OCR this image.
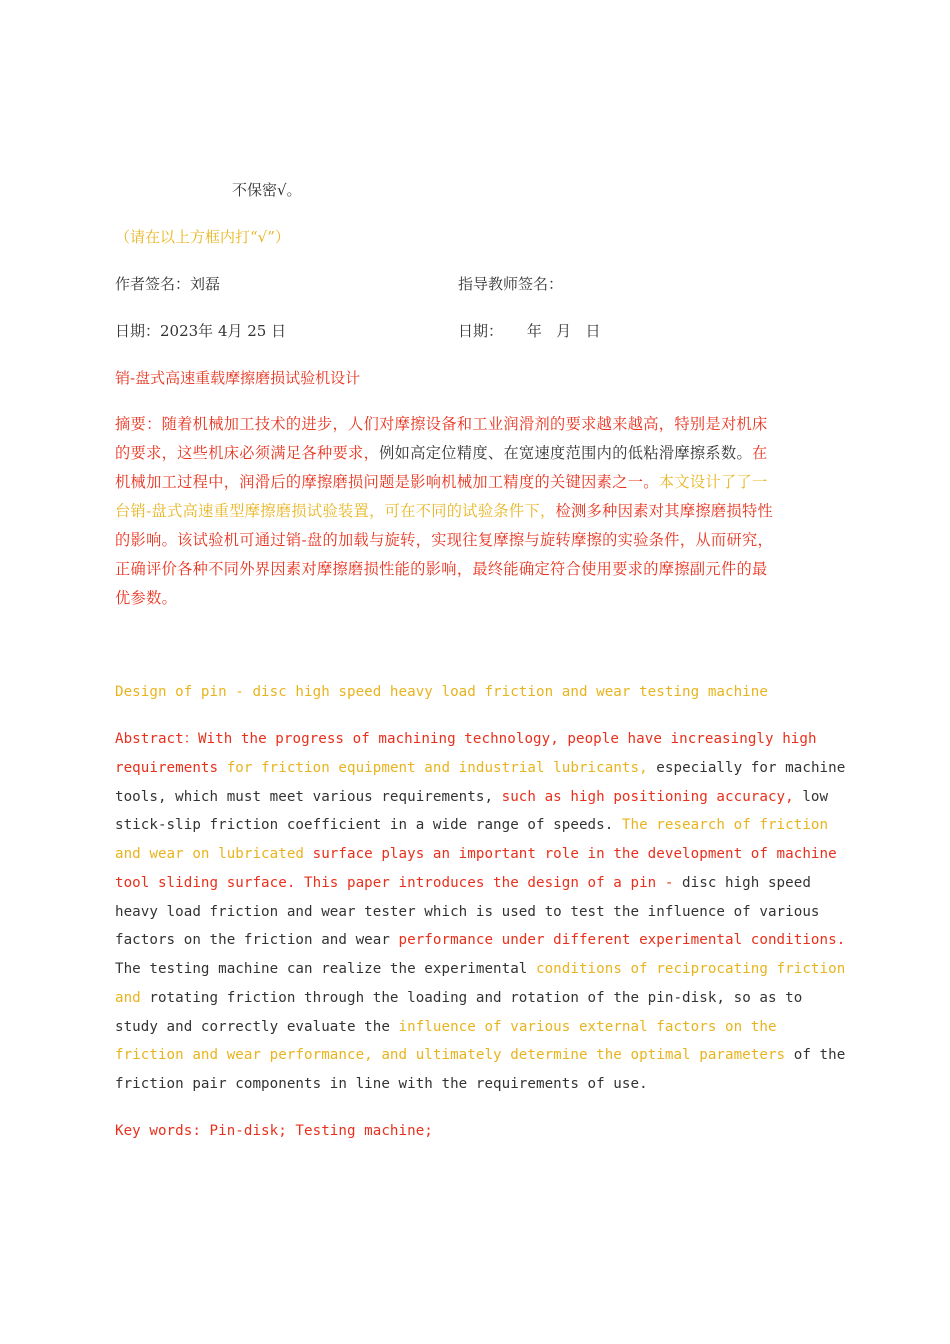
不保密√。
（请在以上方框内打“√”）
作者签名：刘磊	指导教师签名：
日期：2023年 4月 25 日	日期：     年   月   日
销-盘式高速重载摩擦磨损试验机设计
摘要：随着机械加工技术的进步，人们对摩擦设备和工业润滑剂的要求越来越高，特别是对机床
的要求，这些机床必须满足各种要求，例如高定位精度、在宽速度范围内的低粘滑摩擦系数。在
机械加工过程中，润滑后的摩擦磨损问题是影响机械加工精度的关键因素之一。本文设计了了一
台销-盘式高速重型摩擦磨损试验装置，可在不同的试验条件下，检测多种因素对其摩擦磨损特性
的影响。该试验机可通过销-盘的加载与旋转，实现往复摩擦与旋转摩擦的实验条件，从而研究，
正确评价各种不同外界因素对摩擦磨损性能的影响，最终能确定符合使用要求的摩擦副元件的最
优参数。
Design of pin - disc high speed heavy load friction and wear testing machine
Abstract：With the progress of machining technology, people have increasingly high
requirements for friction equipment and industrial lubricants, especially for machine
tools, which must meet various requirements, such as high positioning accuracy, low
stick-slip friction coefficient in a wide range of speeds. The research of friction
and wear on lubricated surface plays an important role in the development of machine
tool sliding surface. This paper introduces the design of a pin - disc high speed
heavy load friction and wear tester which is used to test the influence of various
factors on the friction and wear performance under different experimental conditions.
The testing machine can realize the experimental conditions of reciprocating friction
and rotating friction through the loading and rotation of the pin-disk, so as to
study and correctly evaluate the influence of various external factors on the
friction and wear performance, and ultimately determine the optimal parameters of the
friction pair components in line with the requirements of use.
Key words: Pin-disk; Testing machine;
